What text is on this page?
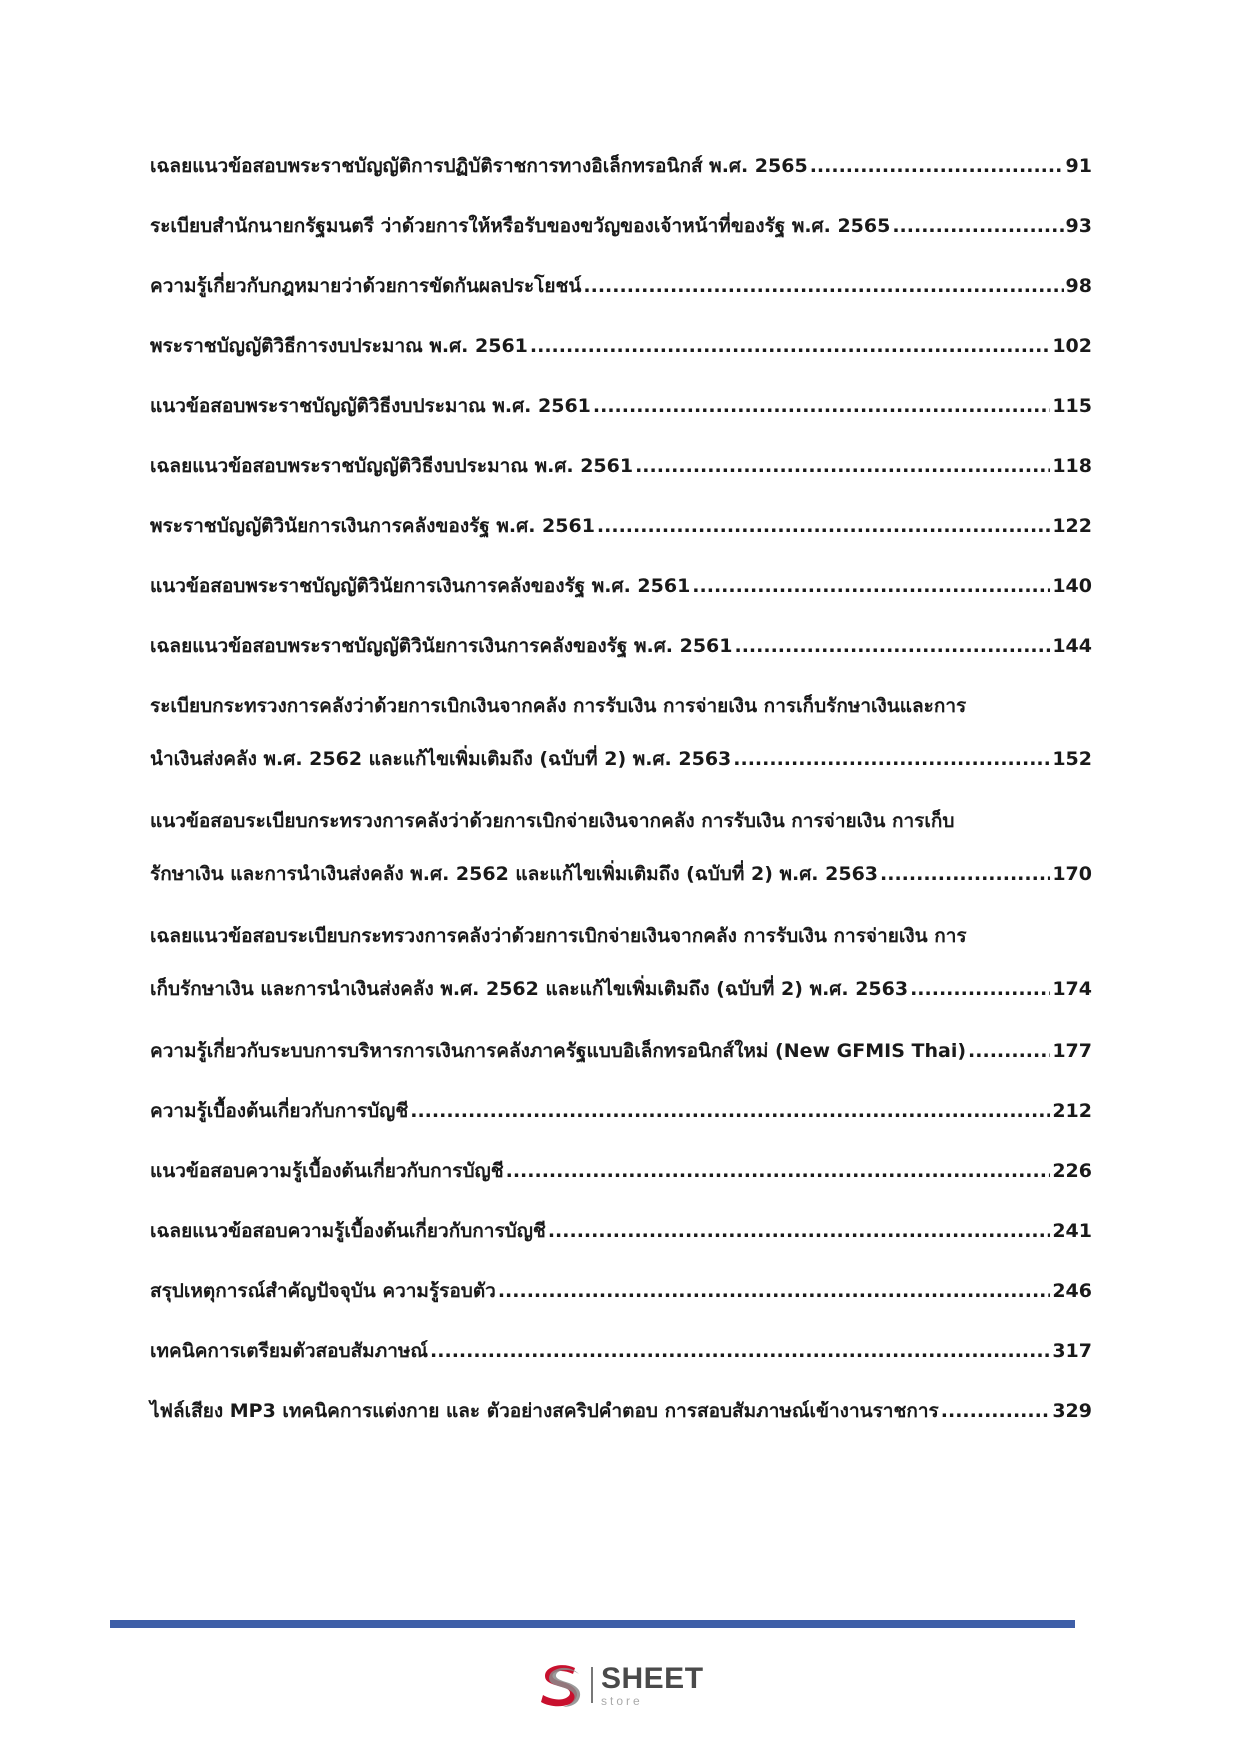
เฉลยแนวข้อสอบพระราชบัญญัติการปฏิบัติราชการทางอิเล็กทรอนิกส์ พ.ศ. 2565 .....	91
ระเบียบสำนักนายกรัฐมนตรี ว่าด้วยการให้หรือรับของขวัญของเจ้าหน้าที่ของรัฐ พ.ศ. 2565 .....	93
ความรู้เกี่ยวกับกฎหมายว่าด้วยการขัดกันผลประโยชน์ .....	98
พระราชบัญญัติวิธีการงบประมาณ พ.ศ. 2561 .....	102
แนวข้อสอบพระราชบัญญัติวิธีงบประมาณ พ.ศ. 2561 .....	115
เฉลยแนวข้อสอบพระราชบัญญัติวิธีงบประมาณ พ.ศ. 2561 .....	118
พระราชบัญญัติวินัยการเงินการคลังของรัฐ พ.ศ. 2561 .....	122
แนวข้อสอบพระราชบัญญัติวินัยการเงินการคลังของรัฐ พ.ศ. 2561 .....	140
เฉลยแนวข้อสอบพระราชบัญญัติวินัยการเงินการคลังของรัฐ พ.ศ. 2561 .....	144
ระเบียบกระทรวงการคลังว่าด้วยการเบิกเงินจากคลัง การรับเงิน การจ่ายเงิน การเก็บรักษาเงินและการ
นำเงินส่งคลัง พ.ศ. 2562 และแก้ไขเพิ่มเติมถึง (ฉบับที่ 2) พ.ศ. 2563 .....	152
แนวข้อสอบระเบียบกระทรวงการคลังว่าด้วยการเบิกจ่ายเงินจากคลัง การรับเงิน การจ่ายเงิน การเก็บ
รักษาเงิน และการนำเงินส่งคลัง พ.ศ. 2562 และแก้ไขเพิ่มเติมถึง (ฉบับที่ 2) พ.ศ. 2563 .....	170
เฉลยแนวข้อสอบระเบียบกระทรวงการคลังว่าด้วยการเบิกจ่ายเงินจากคลัง การรับเงิน การจ่ายเงิน การ
เก็บรักษาเงิน และการนำเงินส่งคลัง พ.ศ. 2562 และแก้ไขเพิ่มเติมถึง (ฉบับที่ 2) พ.ศ. 2563 .....	174
ความรู้เกี่ยวกับระบบการบริหารการเงินการคลังภาครัฐแบบอิเล็กทรอนิกส์ใหม่ (New GFMIS Thai) .....	177
ความรู้เบื้องต้นเกี่ยวกับการบัญชี .....	212
แนวข้อสอบความรู้เบื้องต้นเกี่ยวกับการบัญชี .....	226
เฉลยแนวข้อสอบความรู้เบื้องต้นเกี่ยวกับการบัญชี .....	241
สรุปเหตุการณ์สำคัญปัจจุบัน ความรู้รอบตัว .....	246
เทคนิคการเตรียมตัวสอบสัมภาษณ์ .....	317
ไฟล์เสียง MP3 เทคนิคการแต่งกาย และ ตัวอย่างสคริปคำตอบ การสอบสัมภาษณ์เข้างานราชการ .....	329
SHEET
store
